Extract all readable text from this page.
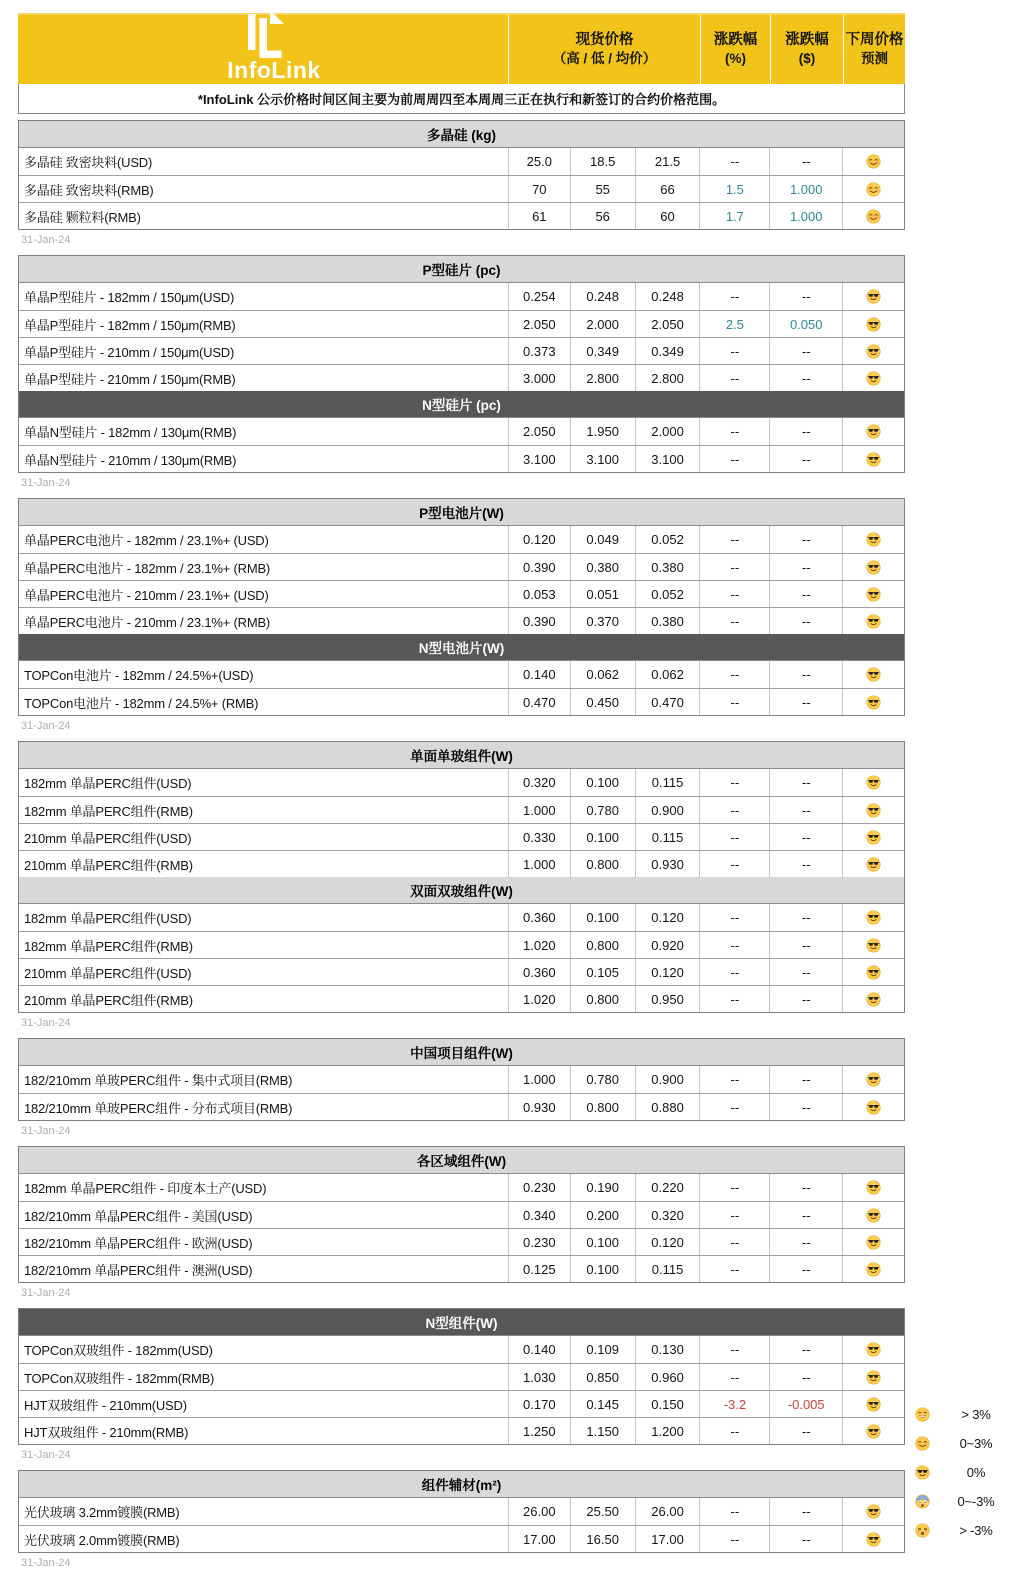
InfoLink
CONSULTING
现货价格
（高 / 低 / 均价）
涨跌幅
(%)
涨跌幅
($)
下周价格
预测
*InfoLink 公示价格时间区间主要为前周周四至本周周三正在执行和新签订的合约价格范围。
多晶硅 (kg)
多晶硅 致密块料(USD)	25.0	18.5	21.5	--	--
多晶硅 致密块料(RMB)	70	55	66	1.5	1.000
多晶硅 颗粒料(RMB)	61	56	60	1.7	1.000
31-Jan-24
P型硅片 (pc)
单晶P型硅片 - 182mm / 150μm(USD)	0.254	0.248	0.248	--	--
单晶P型硅片 - 182mm / 150μm(RMB)	2.050	2.000	2.050	2.5	0.050
单晶P型硅片 - 210mm / 150μm(USD)	0.373	0.349	0.349	--	--
单晶P型硅片 - 210mm / 150μm(RMB)	3.000	2.800	2.800	--	--
N型硅片 (pc)
单晶N型硅片 - 182mm / 130μm(RMB)	2.050	1.950	2.000	--	--
单晶N型硅片 - 210mm / 130μm(RMB)	3.100	3.100	3.100	--	--
31-Jan-24
P型电池片(W)
单晶PERC电池片 - 182mm / 23.1%+ (USD)	0.120	0.049	0.052	--	--
单晶PERC电池片 - 182mm / 23.1%+ (RMB)	0.390	0.380	0.380	--	--
单晶PERC电池片 - 210mm / 23.1%+ (USD)	0.053	0.051	0.052	--	--
单晶PERC电池片 - 210mm / 23.1%+ (RMB)	0.390	0.370	0.380	--	--
N型电池片(W)
TOPCon电池片 - 182mm / 24.5%+(USD)	0.140	0.062	0.062	--	--
TOPCon电池片 - 182mm / 24.5%+ (RMB)	0.470	0.450	0.470	--	--
31-Jan-24
单面单玻组件(W)
182mm 单晶PERC组件(USD)	0.320	0.100	0.115	--	--
182mm 单晶PERC组件(RMB)	1.000	0.780	0.900	--	--
210mm 单晶PERC组件(USD)	0.330	0.100	0.115	--	--
210mm 单晶PERC组件(RMB)	1.000	0.800	0.930	--	--
双面双玻组件(W)
182mm 单晶PERC组件(USD)	0.360	0.100	0.120	--	--
182mm 单晶PERC组件(RMB)	1.020	0.800	0.920	--	--
210mm 单晶PERC组件(USD)	0.360	0.105	0.120	--	--
210mm 单晶PERC组件(RMB)	1.020	0.800	0.950	--	--
31-Jan-24
中国项目组件(W)
182/210mm 单玻PERC组件 - 集中式项目(RMB)	1.000	0.780	0.900	--	--
182/210mm 单玻PERC组件 - 分布式项目(RMB)	0.930	0.800	0.880	--	--
31-Jan-24
各区域组件(W)
182mm 单晶PERC组件 - 印度本土产(USD)	0.230	0.190	0.220	--	--
182/210mm 单晶PERC组件 - 美国(USD)	0.340	0.200	0.320	--	--
182/210mm 单晶PERC组件 - 欧洲(USD)	0.230	0.100	0.120	--	--
182/210mm 单晶PERC组件 - 澳洲(USD)	0.125	0.100	0.115	--	--
31-Jan-24
N型组件(W)
TOPCon双玻组件 - 182mm(USD)	0.140	0.109	0.130	--	--
TOPCon双玻组件 - 182mm(RMB)	1.030	0.850	0.960	--	--
HJT双玻组件 - 210mm(USD)	0.170	0.145	0.150	-3.2	-0.005
HJT双玻组件 - 210mm(RMB)	1.250	1.150	1.200	--	--
31-Jan-24
组件辅材(m²)
光伏玻璃 3.2mm镀膜(RMB)	26.00	25.50	26.00	--	--
光伏玻璃 2.0mm镀膜(RMB)	17.00	16.50	17.00	--	--
31-Jan-24
> 3%
0~3%
0%
0~-3%
> -3%
